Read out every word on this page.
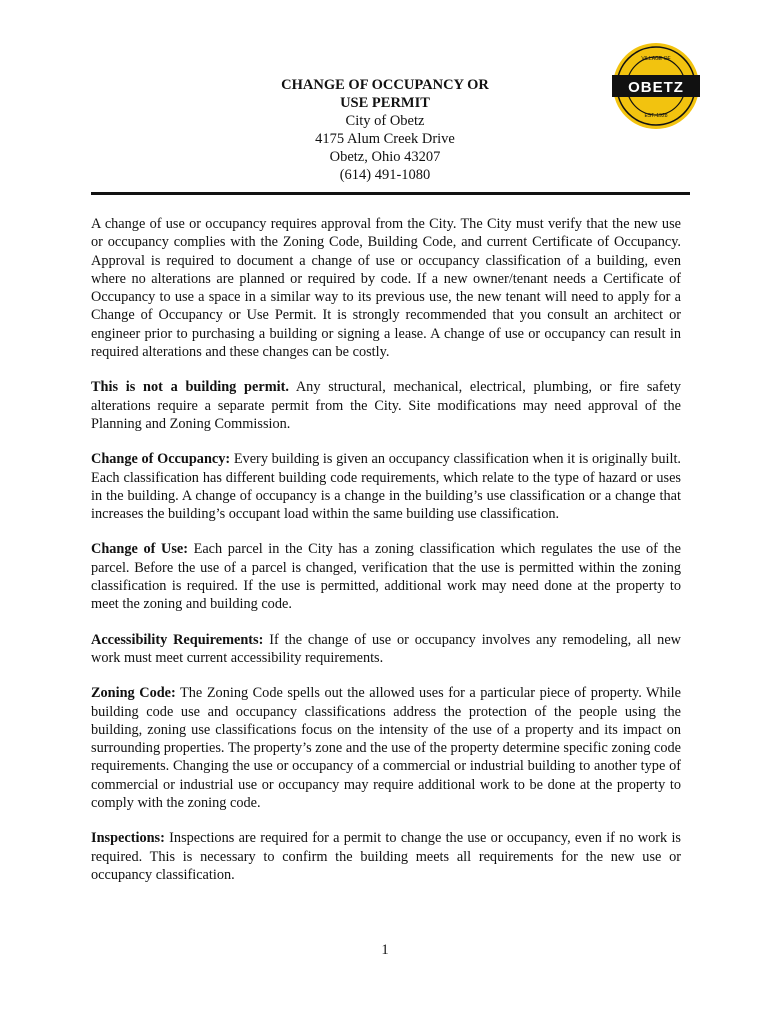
CHANGE OF OCCUPANCY OR
USE PERMIT
City of Obetz
4175 Alum Creek Drive
Obetz, Ohio 43207
(614) 491-1080
OBETZ
VILLAGE OF
EST. 1928

A change of use or occupancy requires approval from the City. The City must verify that the new use or occupancy complies with the Zoning Code, Building Code, and current Certificate of Occupancy. Approval is required to document a change of use or occupancy classification of a building, even where no alterations are planned or required by code. If a new owner/tenant needs a Certificate of Occupancy to use a space in a similar way to its previous use, the new tenant will need to apply for a Change of Occupancy or Use Permit. It is strongly recommended that you consult an architect or engineer prior to purchasing a building or signing a lease. A change of use or occupancy can result in required alterations and these changes can be costly.

This is not a building permit. Any structural, mechanical, electrical, plumbing, or fire safety alterations require a separate permit from the City. Site modifications may need approval of the Planning and Zoning Commission.

Change of Occupancy: Every building is given an occupancy classification when it is originally built. Each classification has different building code requirements, which relate to the type of hazard or uses in the building. A change of occupancy is a change in the building’s use classification or a change that increases the building’s occupant load within the same building use classification.

Change of Use: Each parcel in the City has a zoning classification which regulates the use of the parcel. Before the use of a parcel is changed, verification that the use is permitted within the zoning classification is required. If the use is permitted, additional work may need done at the property to meet the zoning and building code.

Accessibility Requirements: If the change of use or occupancy involves any remodeling, all new work must meet current accessibility requirements.

Zoning Code: The Zoning Code spells out the allowed uses for a particular piece of property. While building code use and occupancy classifications address the protection of the people using the building, zoning use classifications focus on the intensity of the use of a property and its impact on surrounding properties. The property’s zone and the use of the property determine specific zoning code requirements. Changing the use or occupancy of a commercial or industrial building to another type of commercial or industrial use or occupancy may require additional work to be done at the property to comply with the zoning code.

Inspections: Inspections are required for a permit to change the use or occupancy, even if no work is required. This is necessary to confirm the building meets all requirements for the new use or occupancy classification.

1
